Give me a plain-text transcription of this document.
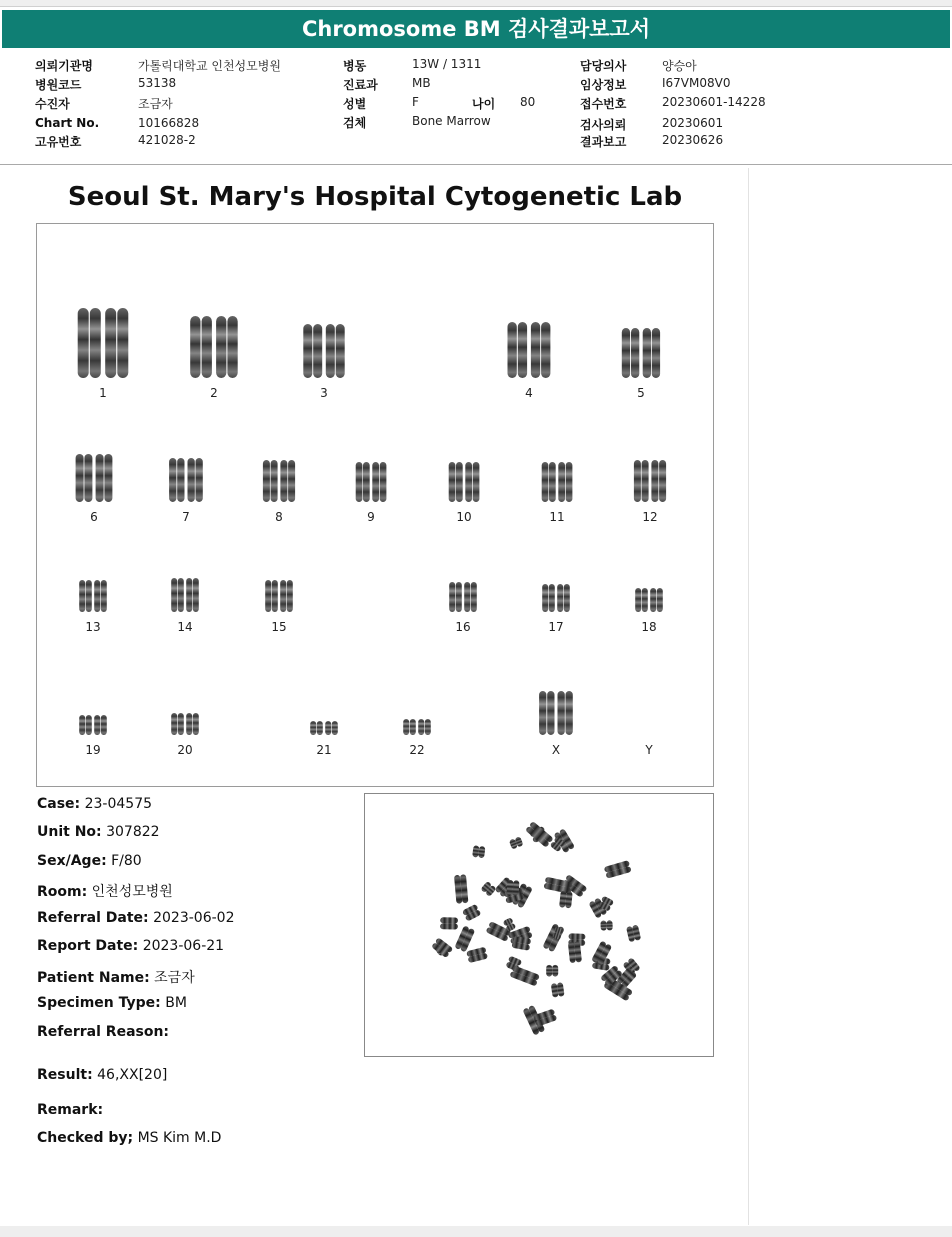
Chromosome BM 검사결과보고서
의뢰기관명	가톨릭대학교 인천성모병원
병원코드	53138
수진자	조금자
Chart No.	10166828
고유번호	421028-2
병동	13W / 1311
진료과	MB
성별	F	나이 80
검체	Bone Marrow
담당의사	양승아
임상정보	I67VM08V0
접수번호	20230601-14228
검사의뢰	20230601
결과보고	20230626
Seoul St. Mary's Hospital Cytogenetic Lab
1	2	3	4	5
6	7	8	9	10	11	12
13	14	15	16	17	18
19	20	21	22	X	Y
Case: 23-04575
Unit No: 307822
Sex/Age: F/80
Room: 인천성모병원
Referral Date: 2023-06-02
Report Date: 2023-06-21
Patient Name: 조금자
Specimen Type: BM
Referral Reason:
Result: 46,XX[20]
Remark:
Checked by; MS Kim M.D
